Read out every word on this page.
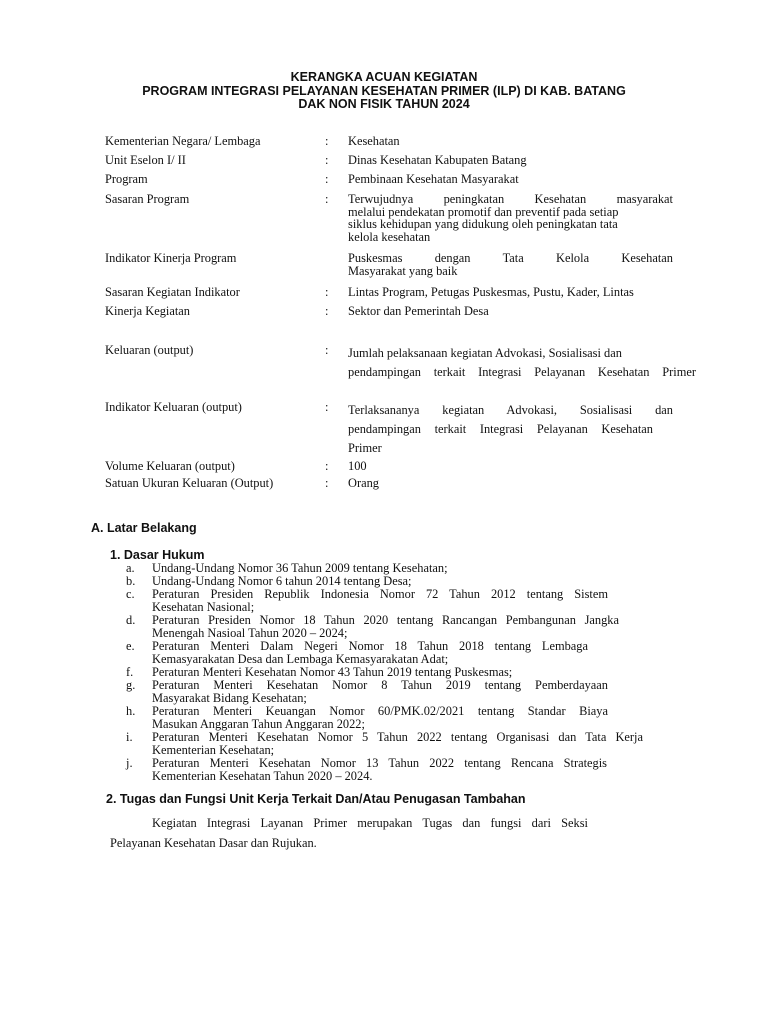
KERANGKA ACUAN KEGIATAN
PROGRAM INTEGRASI PELAYANAN KESEHATAN PRIMER (ILP) DI KAB. BATANG
DAK NON FISIK TAHUN 2024
Kementerian Negara/ Lembaga	: Kesehatan
Unit Eselon I/ II	: Dinas Kesehatan Kabupaten Batang
Program	: Pembinaan Kesehatan Masyarakat
Sasaran Program	: Terwujudnya peningkatan Kesehatan masyarakat
melalui pendekatan promotif dan preventif pada setiap
siklus kehidupan yang didukung oleh peningkatan tata
kelola kesehatan
Indikator Kinerja Program	Puskesmas dengan Tata Kelola Kesehatan
Masyarakat yang baik
Sasaran Kegiatan Indikator	: Lintas Program, Petugas Puskesmas, Pustu, Kader, Lintas
Kinerja Kegiatan	: Sektor dan Pemerintah Desa
Keluaran (output)	: Jumlah pelaksanaan kegiatan Advokasi, Sosialisasi dan
pendampingan terkait Integrasi Pelayanan Kesehatan Primer
Indikator Keluaran (output)	: Terlaksananya kegiatan Advokasi, Sosialisasi dan
pendampingan terkait Integrasi Pelayanan Kesehatan
Primer
Volume Keluaran (output)	: 100
Satuan Ukuran Keluaran (Output)	: Orang
A. Latar Belakang
1. Dasar Hukum
a. Undang-Undang Nomor 36 Tahun 2009 tentang Kesehatan;
b. Undang-Undang Nomor 6 tahun 2014 tentang Desa;
c. Peraturan Presiden Republik Indonesia Nomor 72 Tahun 2012 tentang Sistem
Kesehatan Nasional;
d. Peraturan Presiden Nomor 18 Tahun 2020 tentang Rancangan Pembangunan Jangka
Menengah Nasioal Tahun 2020 – 2024;
e. Peraturan Menteri Dalam Negeri Nomor 18 Tahun 2018 tentang Lembaga
Kemasyarakatan Desa dan Lembaga Kemasyarakatan Adat;
f. Peraturan Menteri Kesehatan Nomor 43 Tahun 2019 tentang Puskesmas;
g. Peraturan Menteri Kesehatan Nomor 8 Tahun 2019 tentang Pemberdayaan
Masyarakat Bidang Kesehatan;
h. Peraturan Menteri Keuangan Nomor 60/PMK.02/2021 tentang Standar Biaya
Masukan Anggaran Tahun Anggaran 2022;
i. Peraturan Menteri Kesehatan Nomor 5 Tahun 2022 tentang Organisasi dan Tata Kerja
Kementerian Kesehatan;
j. Peraturan Menteri Kesehatan Nomor 13 Tahun 2022 tentang Rencana Strategis
Kementerian Kesehatan Tahun 2020 – 2024.
2. Tugas dan Fungsi Unit Kerja Terkait Dan/Atau Penugasan Tambahan
Kegiatan Integrasi Layanan Primer merupakan Tugas dan fungsi dari Seksi
Pelayanan Kesehatan Dasar dan Rujukan.
